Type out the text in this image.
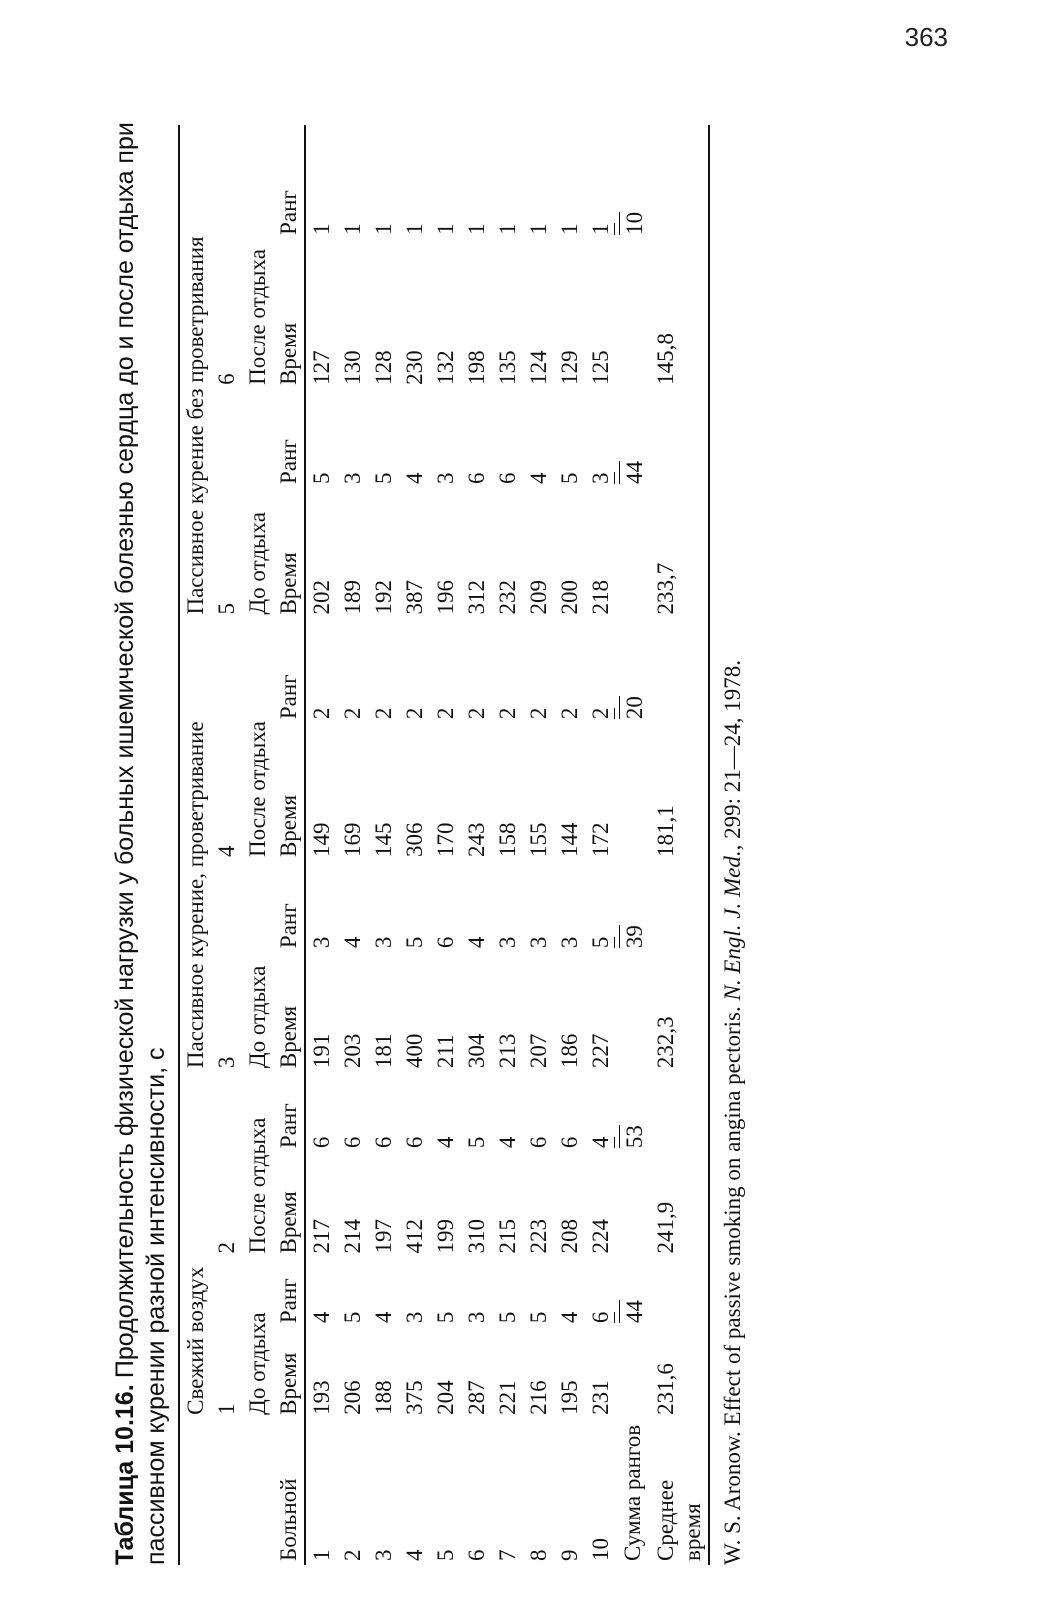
363

Таблица 10.16. Продолжительность физической нагрузки у больных ишемической болезнью сердца до и после отдыха при пассивном курении разной интенсивности, с

	Свежий воздух				Пассивное курение, проветривание				Пассивное курение без проветривания			
	1		2		3		4		5		6	
	До отдыха		После отдыха		До отдыха		После отдыха		До отдыха		После отдыха	
Больной	Время	Ранг	Время	Ранг	Время	Ранг	Время	Ранг	Время	Ранг	Время	Ранг
1	193	4	217	6	191	3	149	2	202	5	127	1
2	206	5	214	6	203	4	169	2	189	3	130	1
3	188	4	197	6	181	3	145	2	192	5	128	1
4	375	3	412	6	400	5	306	2	387	4	230	1
5	204	5	199	4	211	6	170	2	196	3	132	1
6	287	3	310	5	304	4	243	2	312	6	198	1
7	221	5	215	4	213	3	158	2	232	6	135	1
8	216	5	223	6	207	3	155	2	209	4	124	1
9	195	4	208	6	186	3	144	2	200	5	129	1
10	231	6	224	4	227	5	172	2	218	3	125	1
Сумма рангов		44		53		39		20		44		10
Среднее время	231,6		241,9		232,3		181,1		233,7		145,8	
W. S. Aronow. Effect of passive smoking on angina pectoris. N. Engl. J. Med., 299: 21—24, 1978.
